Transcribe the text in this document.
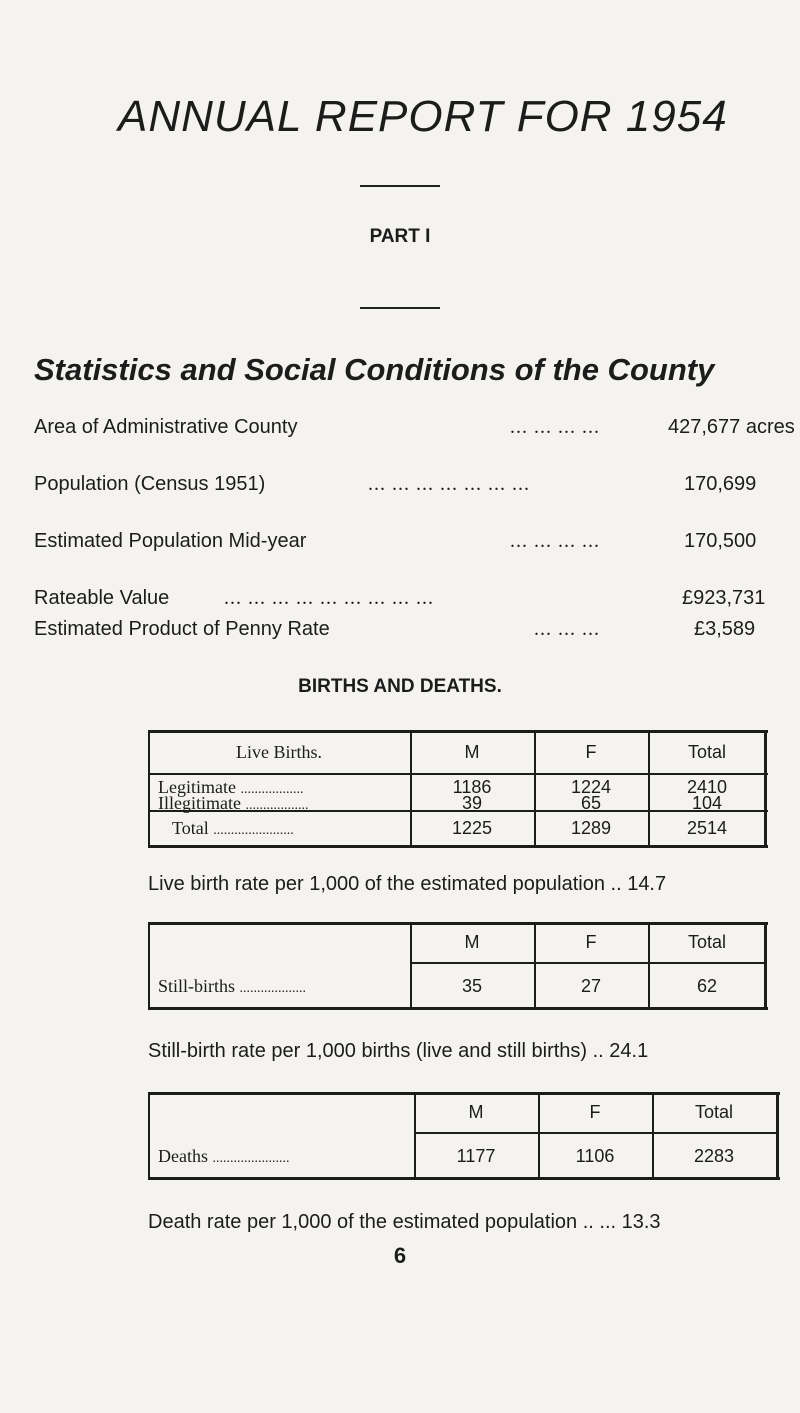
ANNUAL REPORT FOR 1954
PART I
Statistics and Social Conditions of the County
Area of Administrative County	... ... ... ...	427,677 acres
Population (Census 1951)	... ... ... ... ... ... ...	170,699
Estimated Population Mid-year	... ... ... ...	170,500
Rateable Value	... ... ... ... ... ... ... ... ...	£923,731
Estimated Product of Penny Rate	... ... ...	£3,589
BIRTHS AND DEATHS.
Live Births.	M	F	Total
Legitimate ..................	1186	1224	2410
Illegitimate ..................	39	65	104
Total .......................	1225	1289	2514
Live birth rate per 1,000 of the estimated population .. 14.7
M	F	Total
Still-births ...................	35	27	62
Still-birth rate per 1,000 births (live and still births) .. 24.1
M	F	Total
Deaths ......................	1177	1106	2283
Death rate per 1,000 of the estimated population .. ... 13.3
6
